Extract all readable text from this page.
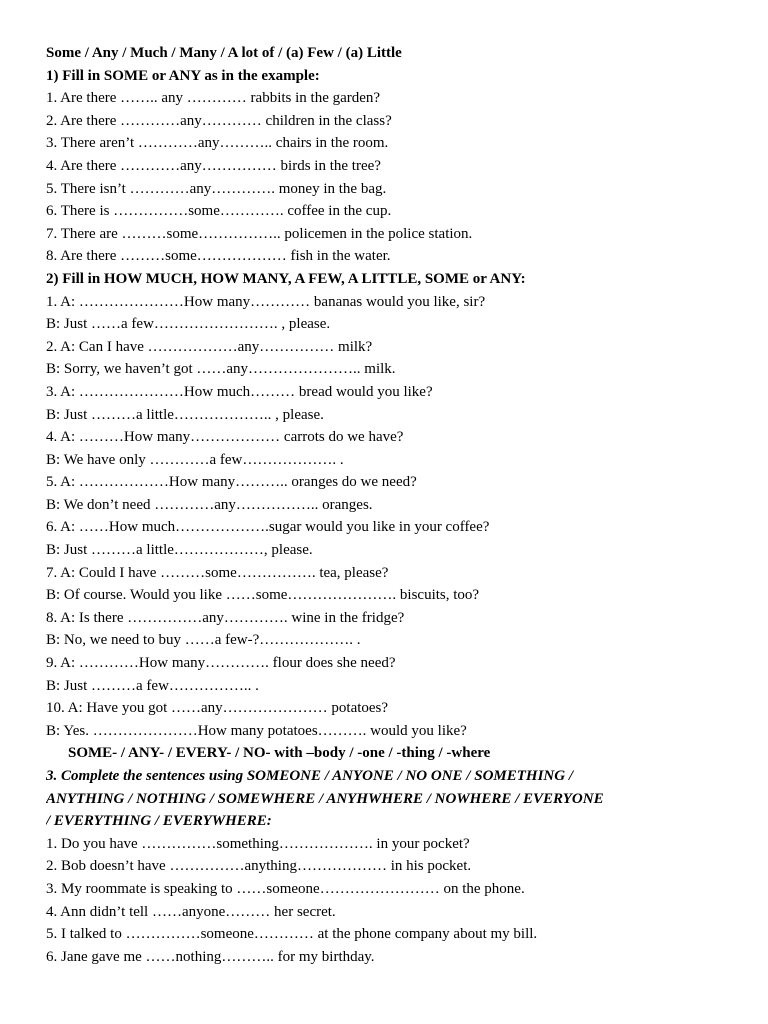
Some / Any / Much / Many / A lot of / (a) Few / (a) Little
1) Fill in SOME or ANY as in the example:
1. Are there …….. any ………… rabbits in the garden?
2. Are there …………any………… children in the class?
3. There aren’t …………any……….. chairs in the room.
4. Are there …………any…………… birds in the tree?
5. There isn’t …………any…………. money in the bag.
6. There is ……………some…………. coffee in the cup.
7. There are ………some…………….. policemen in the police station.
8. Are there ………some……………… fish in the water.
2) Fill in HOW MUCH, HOW MANY, A FEW, A LITTLE, SOME or ANY:
1. A: …………………How many………… bananas would you like, sir?
B: Just ……a few……………………. , please.
2. A: Can I have ………………any…………… milk?
B: Sorry, we haven’t got ……any………………….. milk.
3. A: …………………How much……… bread would you like?
B: Just ………a little……………….. , please.
4. A: ………How many……………… carrots do we have?
B: We have only …………a few………………. .
5. A: ………………How many……….. oranges do we need?
B: We don’t need …………any…………….. oranges.
6. A: ……How much……………….sugar would you like in your coffee?
B: Just ………a little………………, please.
7. A: Could I have ………some……………. tea, please?
B: Of course. Would you like ……some…………………. biscuits, too?
8. A: Is there ……………any…………. wine in the fridge?
B: No, we need to buy ……a few-?………………. .
9. A: …………How many…………. flour does she need?
B: Just ………a few…………….. .
10. A: Have you got ……any………………… potatoes?
B: Yes. …………………How many potatoes………. would you like?
SOME- / ANY- / EVERY- / NO- with –body / -one / -thing / -where
3. Complete the sentences using SOMEONE / ANYONE / NO ONE / SOMETHING /
ANYTHING / NOTHING / SOMEWHERE / ANYHWHERE / NOWHERE / EVERYONE
/ EVERYTHING / EVERYWHERE:
1. Do you have ……………something………………. in your pocket?
2. Bob doesn’t have ……………anything……………… in his pocket.
3. My roommate is speaking to ……someone…………………… on the phone.
4. Ann didn’t tell ……anyone……… her secret.
5. I talked to ……………someone………… at the phone company about my bill.
6. Jane gave me ……nothing……….. for my birthday.
